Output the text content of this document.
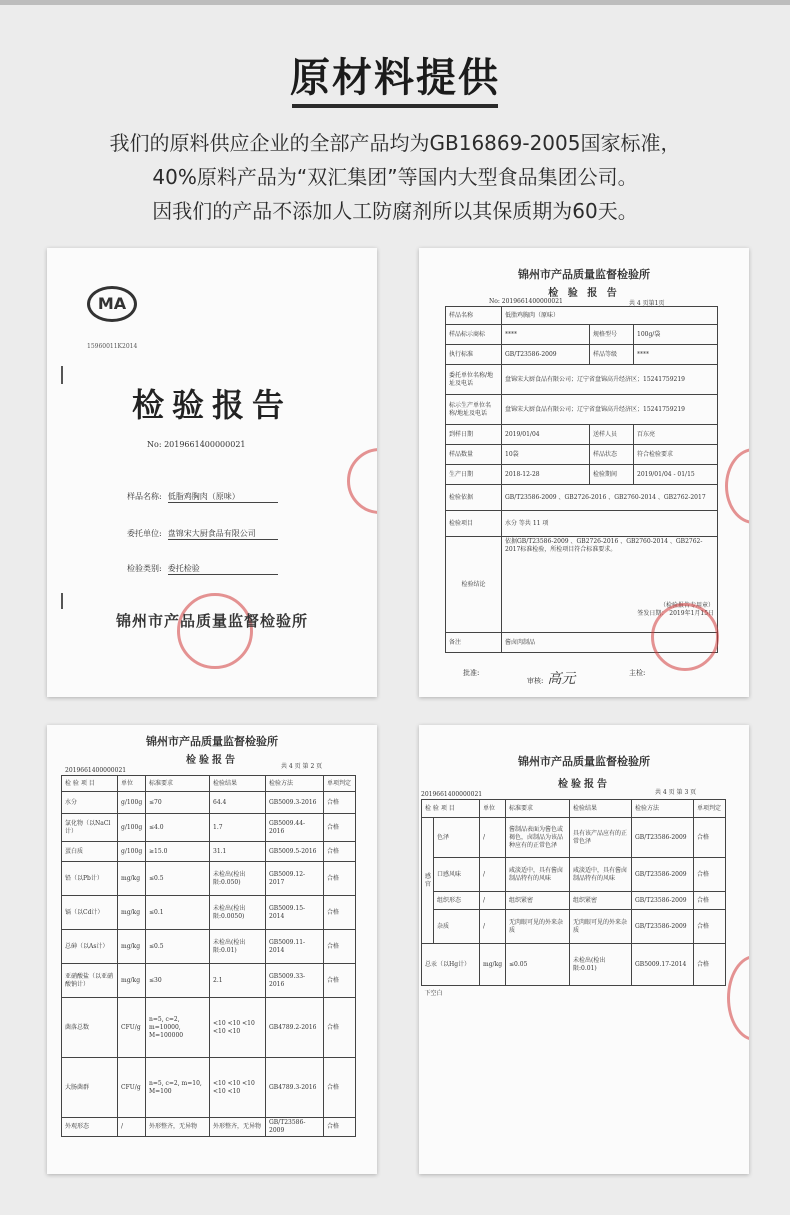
原材料提供
我们的原料供应企业的全部产品均为GB16869-2005国家标准，
40%原料产品为“双汇集团”等国内大型食品集团公司。
因我们的产品不添加人工防腐剂所以其保质期为60天。
MA
15960011K2014
检验报告
No: 2019661400000021
样品名称: 低脂鸡胸肉（原味）
委托单位: 盘锦宋大厨食品有限公司
检验类别: 委托检验
锦州市产品质量监督检验所
锦州市产品质量监督检验所
检 验 报 告
No: 2019661400000021	共 4 页第1页
样品名称	低脂鸡胸肉（原味）		
样品标示商标	****	规格型号	100g/袋
执行标准	GB/T23586-2009	样品等级	****
委托单位名称/地址及电话	盘锦宋大厨食品有限公司；辽宁省盘锦高升经济区；15241759219		
标示生产单位名称/地址及电话	盘锦宋大厨食品有限公司；辽宁省盘锦高升经济区；15241759219		
到样日期	2019/01/04	送样人员	百东亮
样品数量	10袋	样品状态	符合检验要求
生产日期	2018-12-28	检验期间	2019/01/04 - 01/15
检验依据	GB/T23586-2009 、GB2726-2016 、GB2760-2014 、GB2762-2017		
检验项目	水分 等共 11 项		
检验结论	依据GB/T23586-2009 、GB2726-2016 、GB2760-2014 、GB2762-2017标准检验，所检项目符合标准要求。
（检验报告专用章）
签发日期： 2019年1月15日		

备注	酱卤肉制品		
批准:
审核: 高元	主检:
锦州市产品质量监督检验所
检验报告
2019661400000021
共 4 页 第 2 页
检 验 项 目	单位	标准要求	检验结果	检验方法	单项判定
水分	g/100g	≤70	64.4	GB5009.3-2016	合格
氯化物（以NaCl计）	g/100g	≤4.0	1.7	GB5009.44-2016	合格
蛋白质	g/100g	≥15.0	31.1	GB5009.5-2016	合格
铅（以Pb计）	mg/kg	≤0.5	未检出(检出限:0.050)	GB5009.12-2017	合格
镉（以Cd计）	mg/kg	≤0.1	未检出(检出限:0.0050)	GB5009.15-2014	合格
总砷（以As计）	mg/kg	≤0.5	未检出(检出限:0.01)	GB5009.11-2014	合格
亚硝酸盐（以亚硝酸钠计）	mg/kg	≤30	2.1	GB5009.33-2016	合格
菌落总数	CFU/g	n=5, c=2, m=10000, M=100000	<10 <10 <10 <10 <10	GB4789.2-2016	合格
大肠菌群	CFU/g	n=5, c=2, m=10, M=100	<10 <10 <10 <10 <10	GB4789.3-2016	合格
外观形态	/	外形整齐，无异物	外形整齐，无异物	GB/T23586-2009	合格
锦州市产品质量监督检验所
检验报告
2019661400000021	共 4 页 第 3 页
检 验 项 目		单位	标准要求	检验结果	检验方法	单项判定
感官	色泽	/	酱制品表面为酱色或褐色，卤制品为该品种应有的正常色泽	具有该产品应有的正常色泽	GB/T23586-2009	合格
	口感风味	/	咸淡适中，具有酱卤制品特有的风味	咸淡适中，具有酱卤制品特有的风味	GB/T23586-2009	合格
	组织形态	/	组织紧密	组织紧密	GB/T23586-2009	合格
	杂质	/	无肉眼可见的外来杂质	无肉眼可见的外来杂质	GB/T23586-2009	合格
总汞（以Hg计）		mg/kg	≤0.05	未检出(检出限:0.01)	GB5009.17-2014	合格
下空白						
